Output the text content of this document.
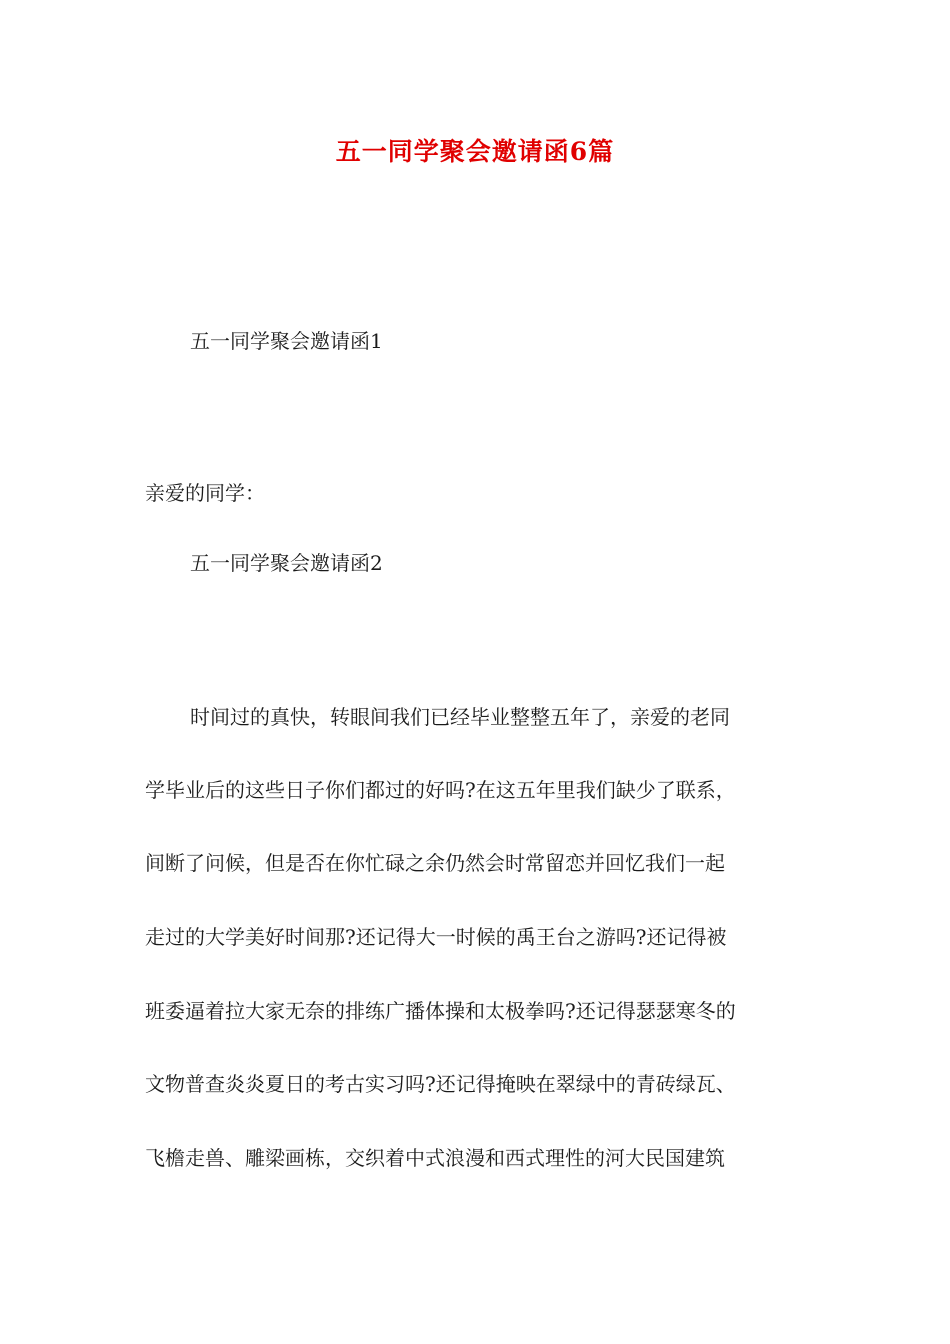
五一同学聚会邀请函6篇

五一同学聚会邀请函1

亲爱的同学：

五一同学聚会邀请函2

时间过的真快，转眼间我们已经毕业整整五年了，亲爱的老同

学毕业后的这些日子你们都过的好吗?在这五年里我们缺少了联系，

间断了问候，但是否在你忙碌之余仍然会时常留恋并回忆我们一起

走过的大学美好时间那?还记得大一时候的禹王台之游吗?还记得被

班委逼着拉大家无奈的排练广播体操和太极拳吗?还记得瑟瑟寒冬的

文物普查炎炎夏日的考古实习吗?还记得掩映在翠绿中的青砖绿瓦、

飞檐走兽、雕梁画栋，交织着中式浪漫和西式理性的河大民国建筑
